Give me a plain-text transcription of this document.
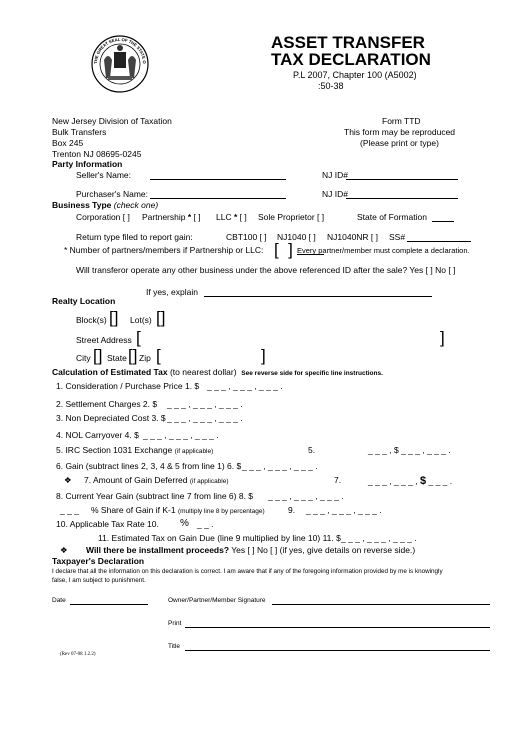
THE GREAT SEAL OF THE STATE O
ASSET TRANSFER
TAX DECLARATION
P.L 2007, Chapter 100 (A5002)
:50-38
New Jersey Division of Taxation
Bulk Transfers
Box 245
Trenton NJ 08695-0245
Form TTD
This form may be reproduced
(Please print or type)
Party Information
Seller's Name:	NJ ID#
Purchaser's Name:	NJ ID#
Business Type (check one)
Corporation [ ] Partnership * [ ] LLC * [ ] Sole Proprietor [ ]	State of Formation
Return type filed to report gain:	CBT100 [ ] NJ1040 [ ] NJ1040NR [ ] SS#
* Number of partners/members if Partnership or LLC: [  ] Every partner/member must complete a declaration.
Will transferor operate any other business under the above referenced ID after the sale? Yes [ ] No [ ]
If yes, explain
Realty Location
Block(s) [] Lot(s) []
Street Address [	]
City [] State [] Zip [	]
Calculation of Estimated Tax (to nearest dollar) See reverse side for specific line instructions.
1. Consideration / Purchase Price 1. $ _ _ _ , _ _ _ , _ _ _ .
2. Settlement Charges 2. $ _ _ _ , _ _ _ , _ _ _ .
3. Non Depreciated Cost 3. $ _ _ _ , _ _ _ , _ _ _ .
4. NOL Carryover 4. $ _ _ _ , _ _ _ , _ _ _ .
5. IRC Section 1031 Exchange (if applicable)	5.	_ _ _ , $ _ _ _ , _ _ _ .
6. Gain (subtract lines 2, 3, 4 & 5 from line 1) 6. $ _ _ _ , _ _ _ , _ _ _ .
❖ 7. Amount of Gain Deferred (if applicable)	7.	_ _ _ , _ _ _ , $ _ _ _ .
8. Current Year Gain (subtract line 7 from line 6) 8. $ _ _ _ , _ _ _ , _ _ _ .
_ _ _ % Share of Gain if K-1 (multiply line 8 by percentage)	9. _ _ _ , _ _ _ , _ _ _ .
10. Applicable Tax Rate 10. % _ _ .
11. Estimated Tax on Gain Due (line 9 multiplied by line 10) 11. $ _ _ _ , _ _ _ , _ _ _ .
❖ Will there be installment proceeds? Yes [ ] No [ ] (if yes, give details on reverse side.)
Taxpayer's Declaration
I declare that all the information on this declaration is correct. I am aware that if any of the foregoing information provided by me is knowingly
false, I am subject to punishment.
Date	Owner/Partner/Member Signature
Print
Title
(Rev 07-08 1.2.2)
